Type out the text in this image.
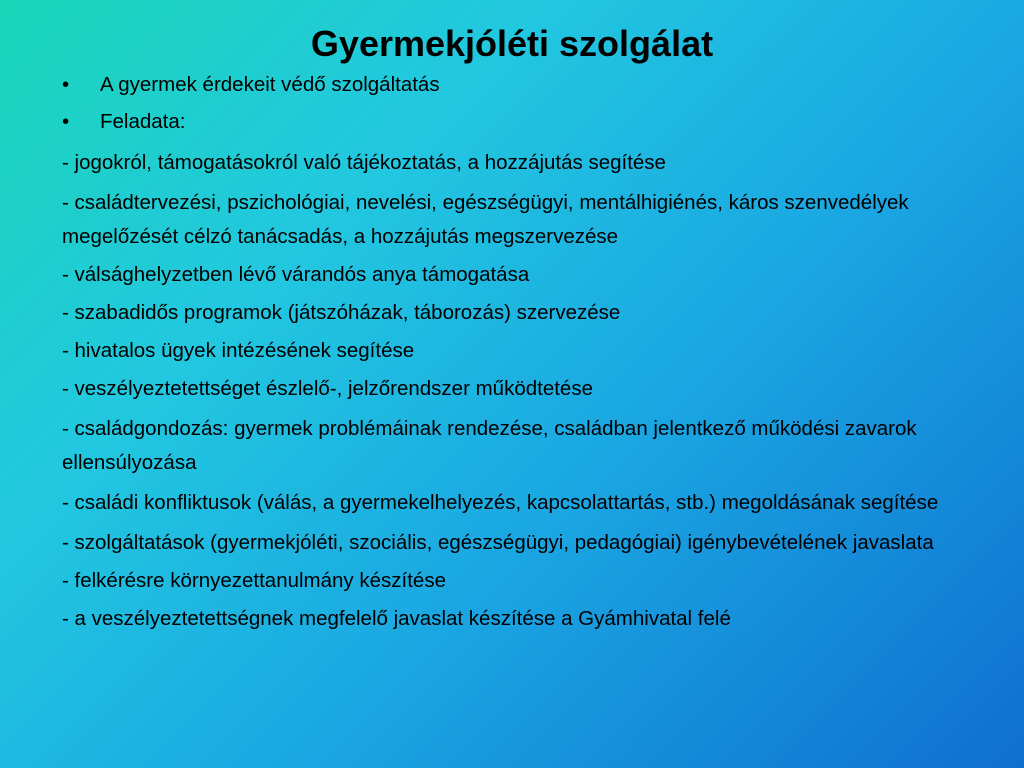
Gyermekjóléti szolgálat
• A gyermek érdekeit védő szolgáltatás
• Feladata:
- jogokról, támogatásokról való tájékoztatás, a hozzájutás segítése
- családtervezési, pszichológiai, nevelési, egészségügyi, mentálhigiénés, káros szenvedélyek megelőzését célzó tanácsadás, a hozzájutás megszervezése
- válsághelyzetben lévő várandós anya támogatása
- szabadidős programok (játszóházak, táborozás) szervezése
- hivatalos ügyek intézésének segítése
- veszélyeztetettséget észlelő-, jelzőrendszer működtetése
- családgondozás: gyermek problémáinak rendezése, családban jelentkező működési zavarok ellensúlyozása
- családi konfliktusok (válás, a gyermekelhelyezés, kapcsolattartás, stb.) megoldásának segítése
- szolgáltatások (gyermekjóléti, szociális, egészségügyi, pedagógiai) igénybevételének javaslata
- felkérésre környezettanulmány készítése
- a veszélyeztetettségnek megfelelő javaslat készítése a Gyámhivatal felé
